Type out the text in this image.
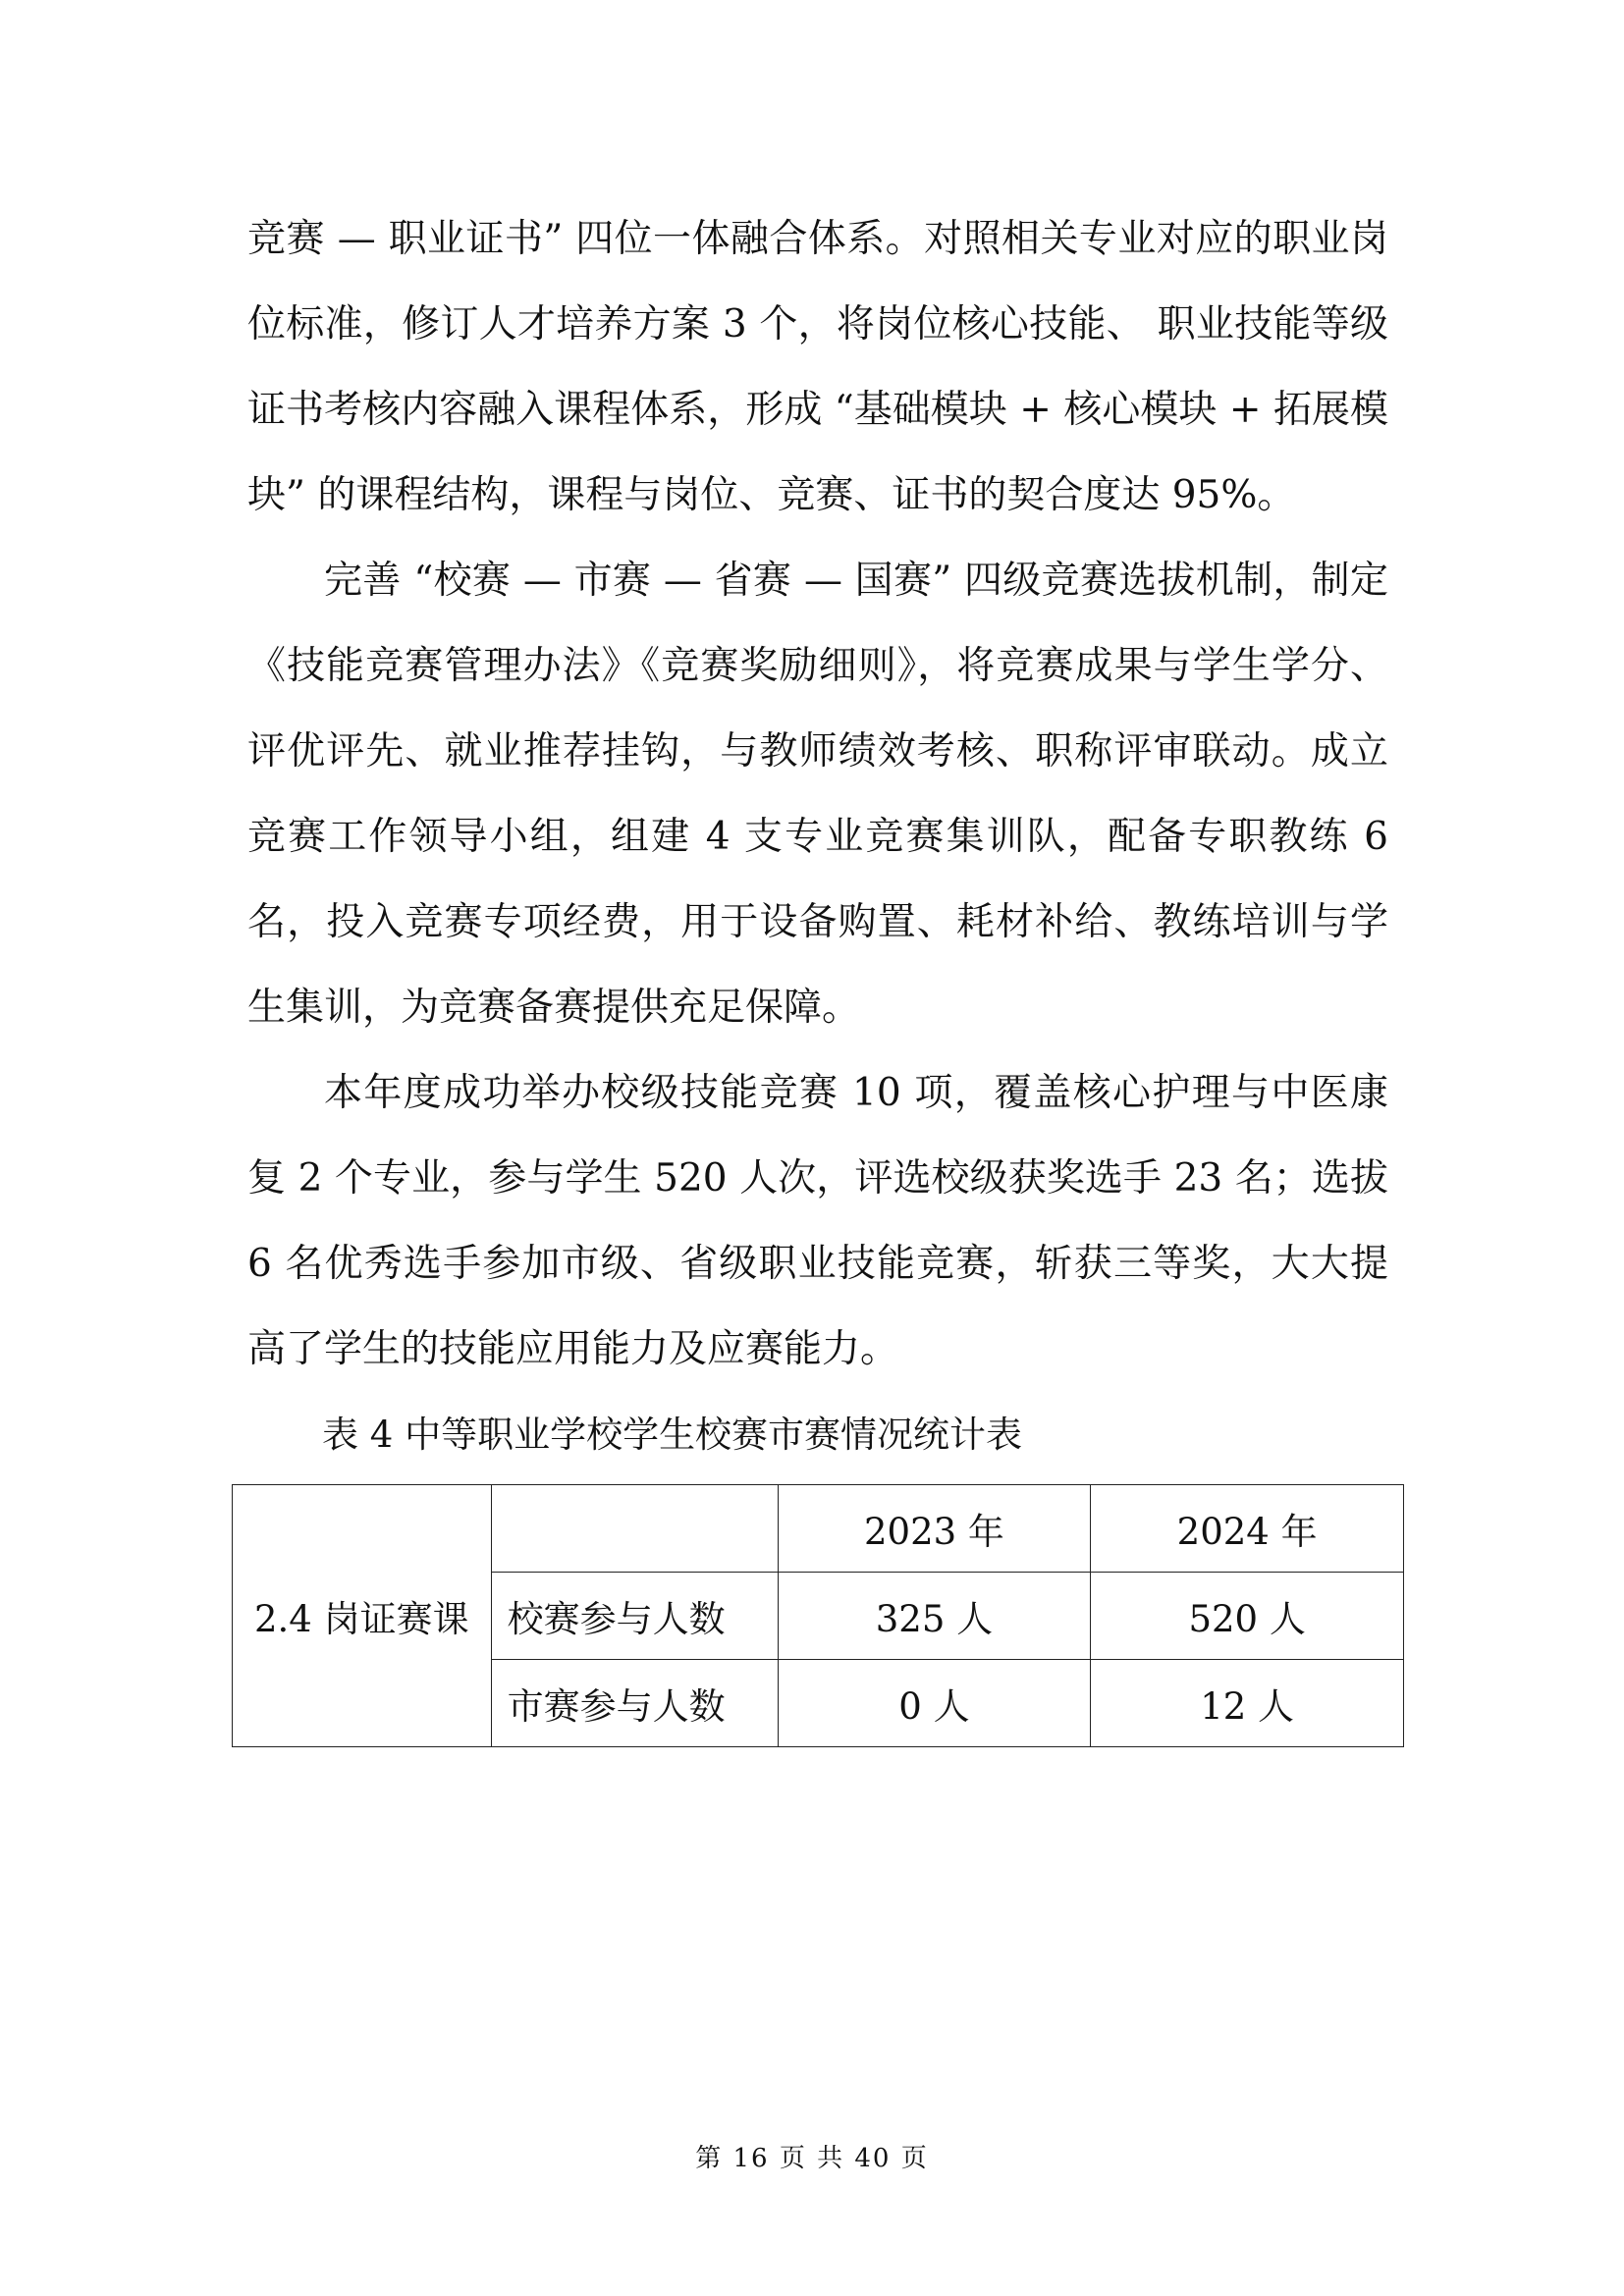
竞赛 — 职业证书” 四位一体融合体系。对照相关专业对应的职业岗位标准，修订人才培养方案 3 个，将岗位核心技能、 职业技能等级证书考核内容融入课程体系，形成 “基础模块 + 核心模块 + 拓展模块” 的课程结构，课程与岗位、竞赛、证书的契合度达 95%。

完善 “校赛 — 市赛 — 省赛 — 国赛” 四级竞赛选拔机制，制定《技能竞赛管理办法》《竞赛奖励细则》，将竞赛成果与学生学分、评优评先、就业推荐挂钩，与教师绩效考核、职称评审联动。成立竞赛工作领导小组，组建 4 支专业竞赛集训队，配备专职教练 6 名，投入竞赛专项经费，用于设备购置、耗材补给、教练培训与学生集训，为竞赛备赛提供充足保障。

本年度成功举办校级技能竞赛 10 项，覆盖核心护理与中医康复 2 个专业，参与学生 520 人次，评选校级获奖选手 23 名；选拔 6 名优秀选手参加市级、省级职业技能竞赛，斩获三等奖，大大提高了学生的技能应用能力及应赛能力。

表 4 中等职业学校学生校赛市赛情况统计表

2.4 岗证赛课		2023 年	2024 年
	校赛参与人数	325 人	520 人
	市赛参与人数	0 人	12 人
第 16 页 共 40 页
